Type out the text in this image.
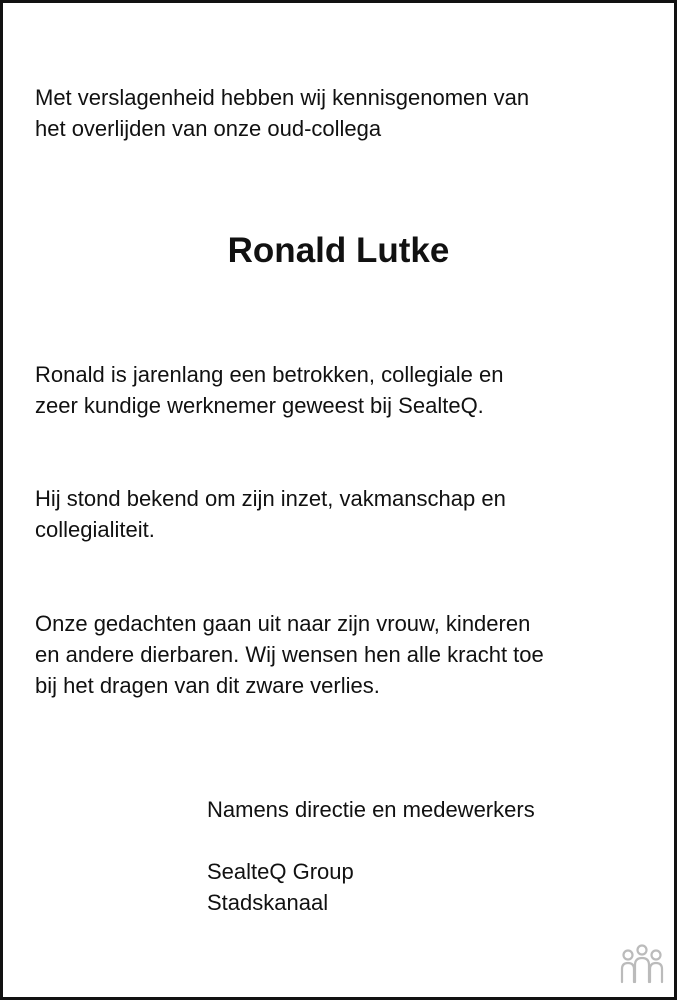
Met verslagenheid hebben wij kennisgenomen van
het overlijden van onze oud-collega
Ronald Lutke
Ronald is jarenlang een betrokken, collegiale en
zeer kundige werknemer geweest bij SealteQ.
Hij stond bekend om zijn inzet, vakmanschap en
collegialiteit.
Onze gedachten gaan uit naar zijn vrouw, kinderen
en andere dierbaren. Wij wensen hen alle kracht toe
bij het dragen van dit zware verlies.
Namens directie en medewerkers
SealteQ Group
Stadskanaal
